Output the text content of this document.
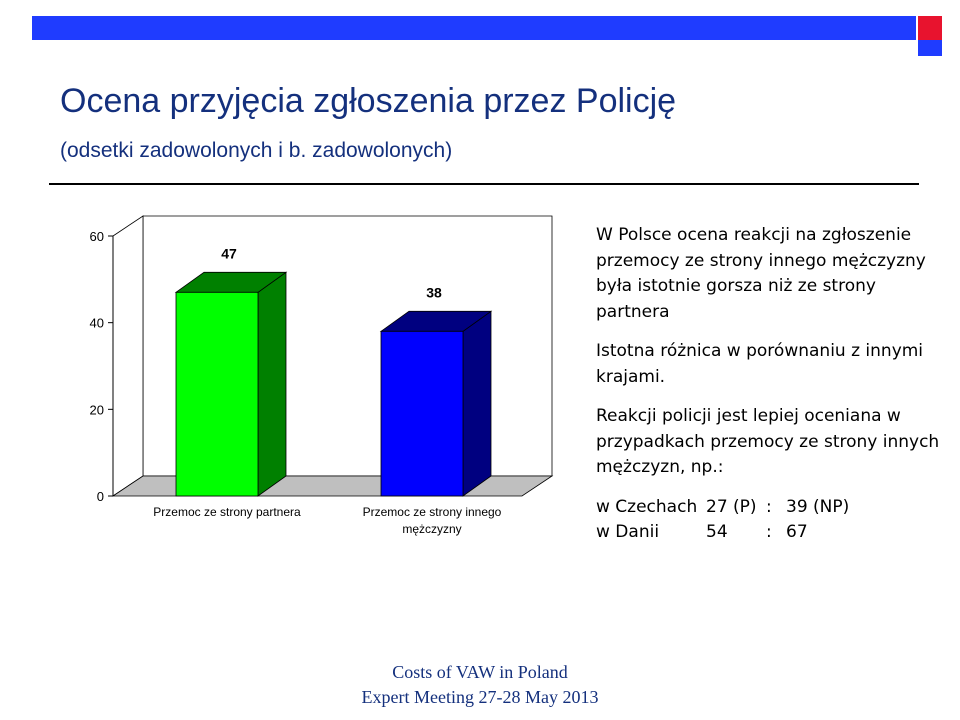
Ocena przyjęcia zgłoszenia przez Policję
(odsetki zadowolonych i b. zadowolonych)
0
20
40
60
47
Przemoc ze strony partnera
38
Przemoc ze strony innego
mężczyzny

W Polsce ocena reakcji na zgłoszenie przemocy ze strony innego mężczyzny była istotnie gorsza niż ze strony partnera

Istotna różnica w porównaniu z innymi krajami.

Reakcji policji jest lepiej oceniana w przypadkach przemocy ze strony innych mężczyzn, np.:

w Czechach 27 (P) : 39 (NP)
w Danii	54	: 67
Costs of VAW in Poland
Expert Meeting 27-28 May 2013
